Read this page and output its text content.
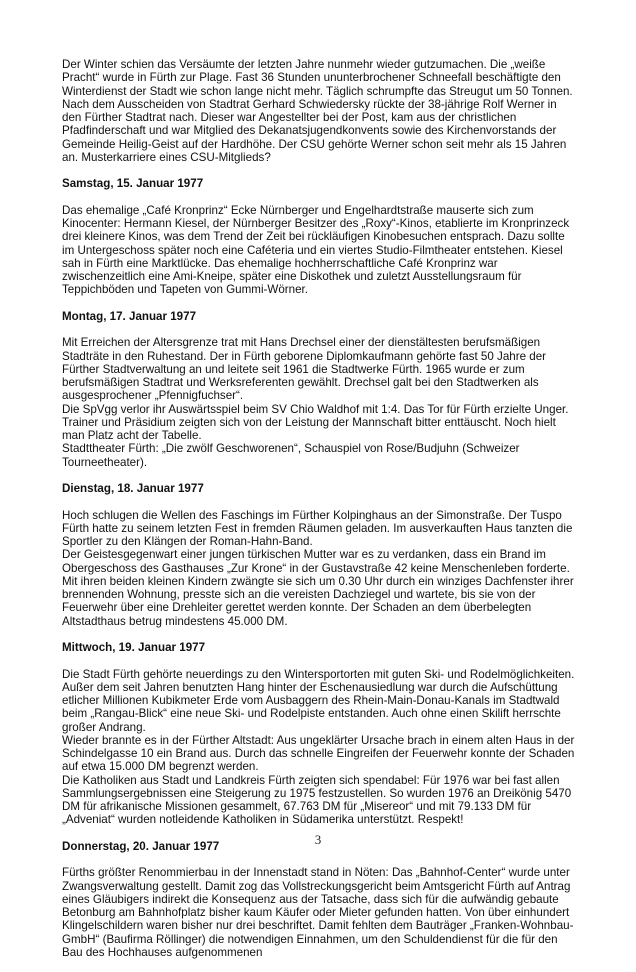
Der Winter schien das Versäumte der letzten Jahre nunmehr wieder gutzumachen. Die „weiße Pracht“ wurde in Fürth zur Plage. Fast 36 Stunden ununterbrochener Schneefall beschäftigte den Winterdienst der Stadt wie schon lange nicht mehr. Täglich schrumpfte das Streugut um 50 Tonnen.

Nach dem Ausscheiden von Stadtrat Gerhard Schwiedersky rückte der 38-jährige Rolf Werner in den Fürther Stadtrat nach. Dieser war Angestellter bei der Post, kam aus der christlichen Pfadfinderschaft und war Mitglied des Dekanatsjugendkonvents sowie des Kirchenvorstands der Gemeinde Heilig-Geist auf der Hardhöhe. Der CSU gehörte Werner schon seit mehr als 15 Jahren an. Musterkarriere eines CSU-Mitglieds?

Samstag, 15. Januar 1977

Das ehemalige „Café Kronprinz“ Ecke Nürnberger und Engelhardtstraße mauserte sich zum Kinocenter: Hermann Kiesel, der Nürnberger Besitzer des „Roxy“-Kinos, etablierte im Kronprinzeck drei kleinere Kinos, was dem Trend der Zeit bei rückläufigen Kinobesuchen entsprach. Dazu sollte im Untergeschoss später noch eine Caféteria und ein viertes Studio-Filmtheater entstehen. Kiesel sah in Fürth eine Marktlücke. Das ehemalige hochherrschaftliche Café Kronprinz war zwischenzeitlich eine Ami-Kneipe, später eine Diskothek und zuletzt Ausstellungsraum für Teppichböden und Tapeten von Gummi-Wörner.

Montag, 17. Januar 1977

Mit Erreichen der Altersgrenze trat mit Hans Drechsel einer der dienstältesten berufsmäßigen Stadträte in den Ruhestand. Der in Fürth geborene Diplomkaufmann gehörte fast 50 Jahre der Fürther Stadtverwaltung an und leitete seit 1961 die Stadtwerke Fürth. 1965 wurde er zum berufsmäßigen Stadtrat und Werksreferenten gewählt. Drechsel galt bei den Stadtwerken als ausgesprochener „Pfennigfuchser“.

Die SpVgg verlor ihr Auswärtsspiel beim SV Chio Waldhof mit 1:4. Das Tor für Fürth erzielte Unger. Trainer und Präsidium zeigten sich von der Leistung der Mannschaft bitter enttäuscht. Noch hielt man Platz acht der Tabelle.

Stadttheater Fürth: „Die zwölf Geschworenen“, Schauspiel von Rose/Budjuhn (Schweizer Tourneetheater).

Dienstag, 18. Januar 1977

Hoch schlugen die Wellen des Faschings im Fürther Kolpinghaus an der Simonstraße. Der Tuspo Fürth hatte zu seinem letzten Fest in fremden Räumen geladen. Im ausverkauften Haus tanzten die Sportler zu den Klängen der Roman-Hahn-Band.

Der Geistesgegenwart einer jungen türkischen Mutter war es zu verdanken, dass ein Brand im Obergeschoss des Gasthauses „Zur Krone“ in der Gustavstraße 42 keine Menschenleben forderte. Mit ihren beiden kleinen Kindern zwängte sie sich um 0.30 Uhr durch ein winziges Dachfenster ihrer brennenden Wohnung, presste sich an die vereisten Dachziegel und wartete, bis sie von der Feuerwehr über eine Drehleiter gerettet werden konnte. Der Schaden an dem überbelegten Altstadthaus betrug mindestens 45.000 DM.

Mittwoch, 19. Januar 1977

Die Stadt Fürth gehörte neuerdings zu den Wintersportorten mit guten Ski- und Rodelmöglichkeiten. Außer dem seit Jahren benutzten Hang hinter der Eschenausiedlung war durch die Aufschüttung etlicher Millionen Kubikmeter Erde vom Ausbaggern des Rhein-Main-Donau-Kanals im Stadtwald beim „Rangau-Blick“ eine neue Ski- und Rodelpiste entstanden. Auch ohne einen Skilift herrschte großer Andrang.

Wieder brannte es in der Fürther Altstadt: Aus ungeklärter Ursache brach in einem alten Haus in der Schindelgasse 10 ein Brand aus. Durch das schnelle Eingreifen der Feuerwehr konnte der Schaden auf etwa 15.000 DM begrenzt werden.

Die Katholiken aus Stadt und Landkreis Fürth zeigten sich spendabel: Für 1976 war bei fast allen Sammlungsergebnissen eine Steigerung zu 1975 festzustellen. So wurden 1976 an Dreikönig 5470 DM für afrikanische Missionen gesammelt, 67.763 DM für „Misereor“ und mit 79.133 DM für „Adveniat“ wurden notleidende Katholiken in Südamerika unterstützt. Respekt!

Donnerstag, 20. Januar 1977

Fürths größter Renommierbau in der Innenstadt stand in Nöten: Das „Bahnhof-Center“ wurde unter Zwangsverwaltung gestellt. Damit zog das Vollstreckungsgericht beim Amtsgericht Fürth auf Antrag eines Gläubigers indirekt die Konsequenz aus der Tatsache, dass sich für die aufwändig gebaute Betonburg am Bahnhofplatz bisher kaum Käufer oder Mieter gefunden hatten. Von über einhundert Klingelschildern waren bisher nur drei beschriftet. Damit fehlten dem Bauträger „Franken-Wohnbau-GmbH“ (Baufirma Röllinger) die notwendigen Einnahmen, um den Schuldendienst für die für den Bau des Hochhauses aufgenommenen

3
